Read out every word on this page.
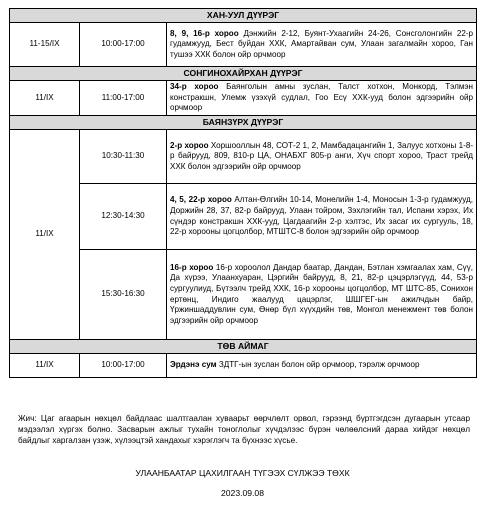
ХАН-УУЛ ДҮҮРЭГ		
11-15/IX	10:00-17:00	8, 9, 16-р хороо Дэнжийн 2-12, Буянт-Ухаагийн 24-26, Сонсголонгийн 22-р гудамжууд, Бест буйдан ХХК, Амартайван сум, Улаан загалмайн хороо, Ган тушээ ХХК болон ойр орчмоор
СОНГИНОХАЙРХАН ДҮҮРЭГ		
11/IX	11:00-17:00	34-р хороо Баянголын амны зуслан, Талст хотхон, Монкорд, Тэлмэн констракшн, Улемж үзэхүй судлал, Гоо Есү ХХК-ууд болон эдгээрийн ойр орчмоор
БАЯНЗҮРХ ДҮҮРЭГ		
11/IX	10:30-11:30	2-р хороо Хоршооллын 48, СОТ-2 1, 2, Мамбадацангийн 1, Залуус хотхоны 1-8-р байрууд, 809, 810-р ЦА, ОНАБХГ 805-р анги, Хүч спорт хороо, Траст трейд ХХК болон эдгээрийн ойр орчмоор
	12:30-14:30	4, 5, 22-р хороо Алтан-Өлгийн 10-14, Монелийн 1-4, Моносын 1-3-р гудамжууд, Доржийн 28, 37, 82-р байрууд, Улаан тойром, Зэхлэгийн тал, Испани хэрэх, Их сүндэр констракшн ХХК-ууд, Цагдаагийн 2-р хэлтэс, Их засаг их сургууль, 18, 22-р хорооны цогцолбор, МТШТС-8 болон эдгээрийн ойр орчмоор
	15:30-16:30	16-р хороо 16-р хороолол Дандар баатар, Дандан, Бэтлан хэмгаалах хам, Сүү, Да хүрээ, Улаанхуаран, Цэргийн байрууд, 8, 21, 82-р цэцэрлэгүүд, 44, 53-р сургуулиуд, Бүтээлч трейд ХХК, 16-р хорооны цогцолбор, МТ ШТС-85, Сонихон ертөнц, Индиго жаалууд цацэрлэг, ШШГЕГ-ын ажилчдын байр, Үржиншаддувлин сум, Өнөр бүл хүүхдийн төв, Монгол менежмент төв болон эдгээрийн ойр орчмоор
ТӨВ АЙМАГ		
11/IX	10:00-17:00	Эрдэнэ сум ЗДТГ-ын зуслан болон ойр орчмоор, тэрэлж орчмоор

Жич: Цаг агаарын нөхцөл байдлаас шалтгаалан хуваарьт өөрчлөлт орвол, гэрээнд бүртгэгдсэн дугаарын утсаар мэдээлэл хүргэх болно. Засварын ажлыг тухайн тоноглолыг хүчдэлээс бүрэн чөлөөлсний дараа хийдэг нөхцөл байдлыг харгалзан үзэж, хүлээцтэй хандахыг хэрэглэгч та бүхнээс хүсье.

УЛААНБААТАР ЦАХИЛГААН ТҮГЭЭХ СҮЛЖЭЭ ТӨХК

2023.09.08
